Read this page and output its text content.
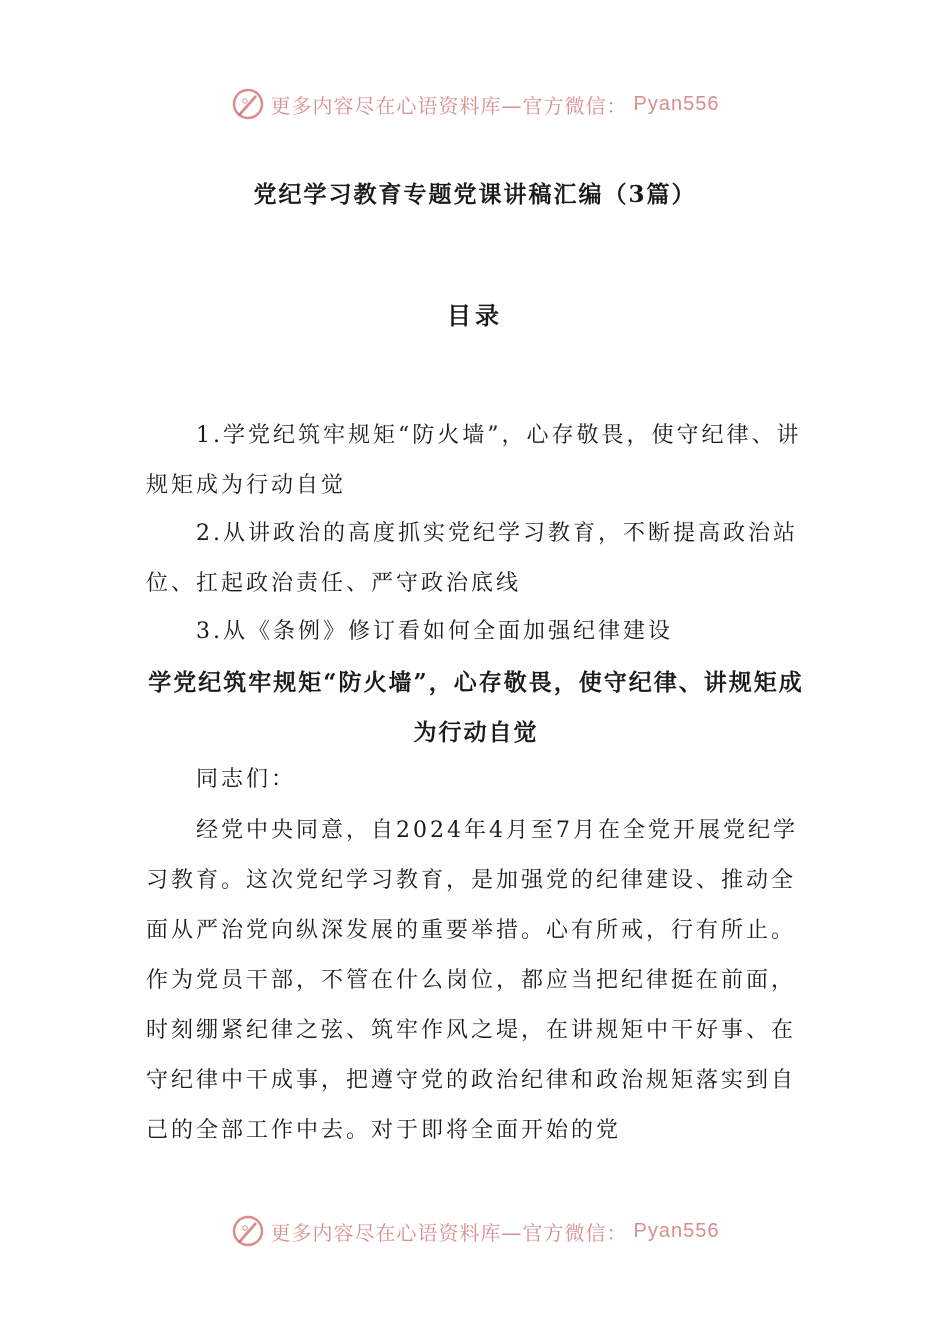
更多内容尽在心语资料库—官方微信： Pyan556
党纪学习教育专题党课讲稿汇编（3篇）
目录

1.学党纪筑牢规矩“防火墙”，心存敬畏，使守纪律、讲规矩成为行动自觉

2.从讲政治的高度抓实党纪学习教育，不断提高政治站位、扛起政治责任、严守政治底线

3.从《条例》修订看如何全面加强纪律建设

学党纪筑牢规矩“防火墙”，心存敬畏，使守纪律、讲规矩成为行动自觉

同志们：

经党中央同意，自2024年4月至7月在全党开展党纪学习教育。这次党纪学习教育，是加强党的纪律建设、推动全面从严治党向纵深发展的重要举措。心有所戒，行有所止。作为党员干部，不管在什么岗位，都应当把纪律挺在前面，时刻绷紧纪律之弦、筑牢作风之堤，在讲规矩中干好事、在守纪律中干成事，把遵守党的政治纪律和政治规矩落实到自己的全部工作中去。对于即将全面开始的党

更多内容尽在心语资料库—官方微信： Pyan556
